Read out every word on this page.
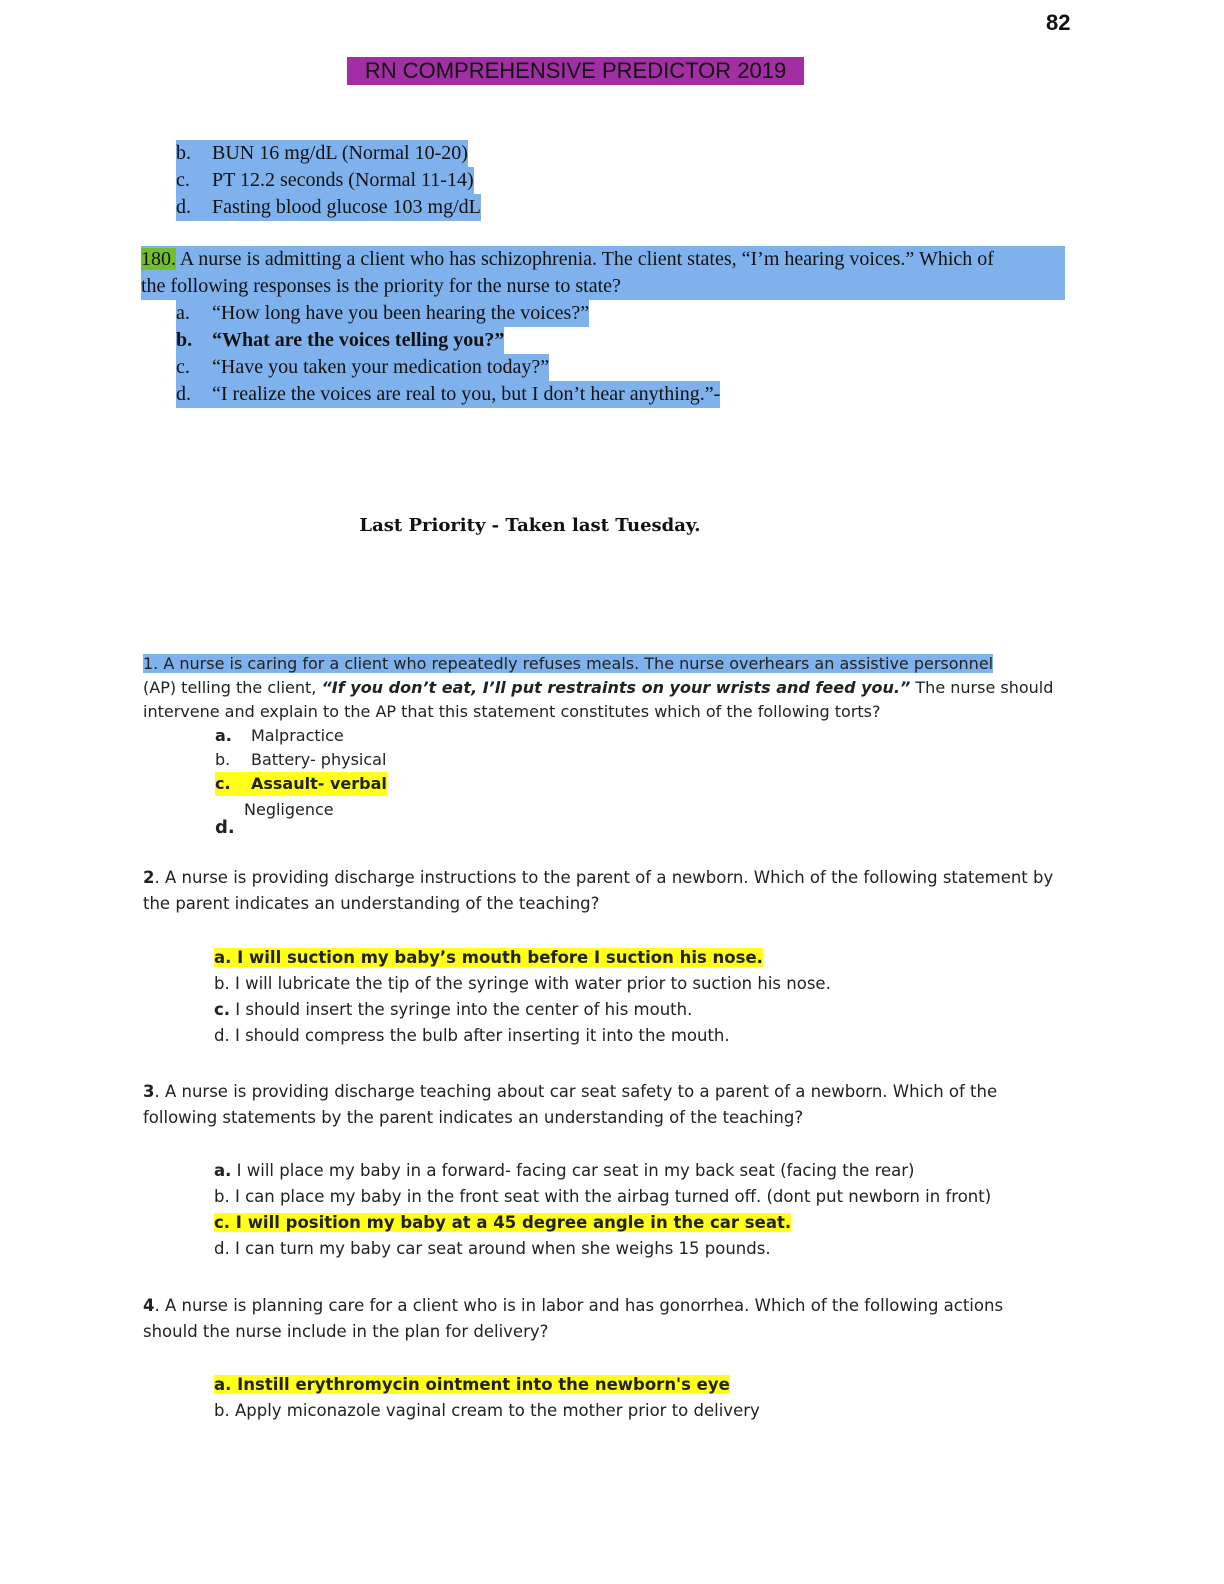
82
RN COMPREHENSIVE PREDICTOR 2019
b. BUN 16 mg/dL (Normal 10-20)
c. PT 12.2 seconds (Normal 11-14)
d. Fasting blood glucose 103 mg/dL
180. A nurse is admitting a client who has schizophrenia. The client states, “I’m hearing voices.” Which of
the following responses is the priority for the nurse to state?
a. “How long have you been hearing the voices?”
b. “What are the voices telling you?”
c. “Have you taken your medication today?”
d. “I realize the voices are real to you, but I don’t hear anything.”-
Last Priority - Taken last Tuesday.
1. A nurse is caring for a client who repeatedly refuses meals. The nurse overhears an assistive personnel
(AP) telling the client, “If you don’t eat, I’ll put restraints on your wrists and feed you.” The nurse should
intervene and explain to the AP that this statement constitutes which of the following torts?
a.	Malpractice
b.	Battery- physical
c. Assault- verbal
Negligence
d.
2. A nurse is providing discharge instructions to the parent of a newborn. Which of the following statement by
the parent indicates an understanding of the teaching?
a. I will suction my baby’s mouth before I suction his nose.
b. I will lubricate the tip of the syringe with water prior to suction his nose.
c. I should insert the syringe into the center of his mouth.
d. I should compress the bulb after inserting it into the mouth.
3. A nurse is providing discharge teaching about car seat safety to a parent of a newborn. Which of the
following statements by the parent indicates an understanding of the teaching?
a. I will place my baby in a forward- facing car seat in my back seat (facing the rear)
b. I can place my baby in the front seat with the airbag turned off. (dont put newborn in front)
c. I will position my baby at a 45 degree angle in the car seat.
d. I can turn my baby car seat around when she weighs 15 pounds.
4. A nurse is planning care for a client who is in labor and has gonorrhea. Which of the following actions
should the nurse include in the plan for delivery?
a. Instill erythromycin ointment into the newborn's eye
b. Apply miconazole vaginal cream to the mother prior to delivery
